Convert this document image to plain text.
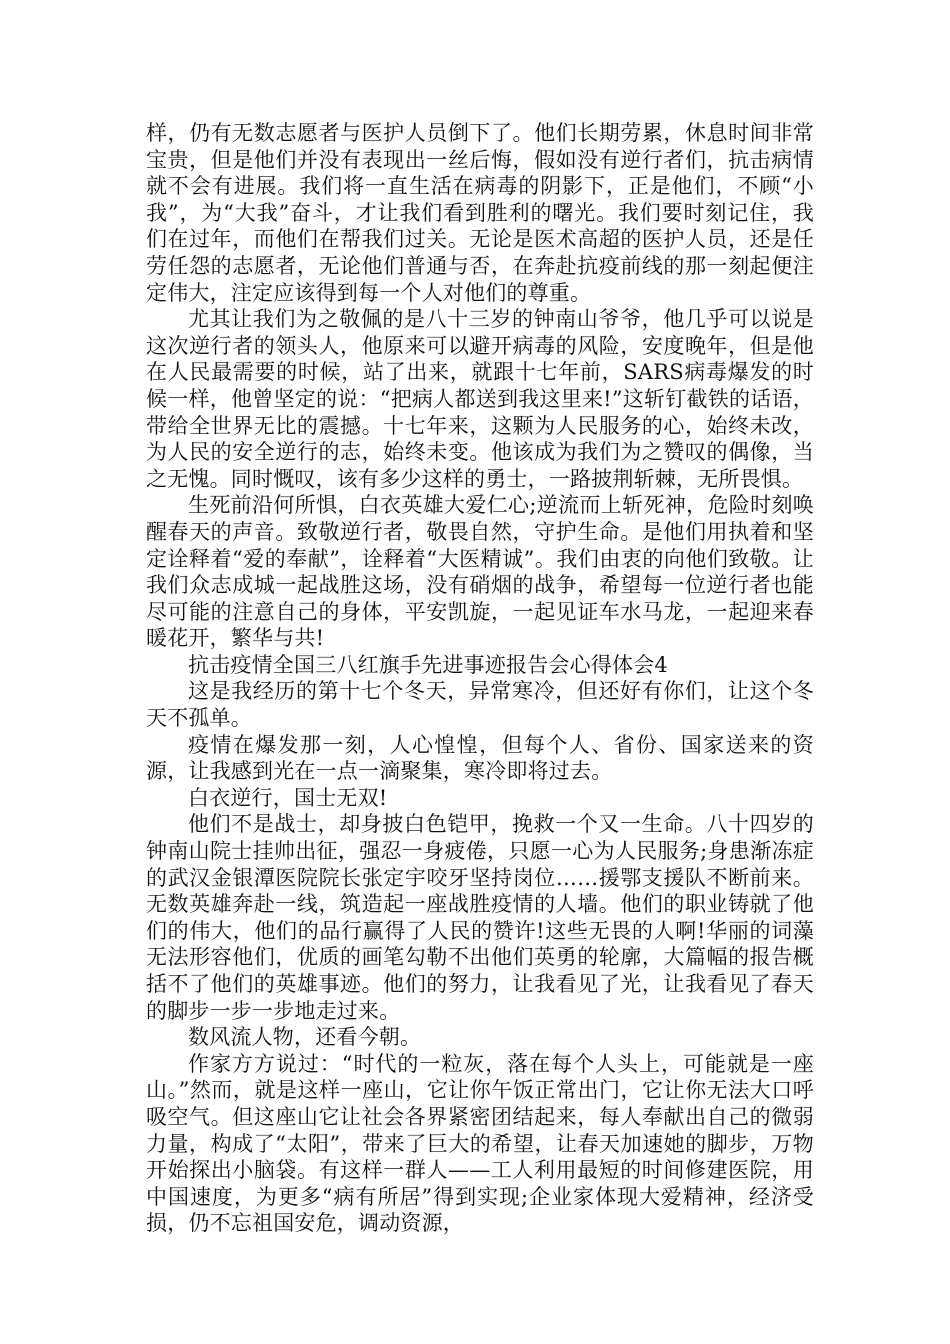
样，仍有无数志愿者与医护人员倒下了。他们长期劳累，休息时间非常宝贵，但是他们并没有表现出一丝后悔，假如没有逆行者们，抗击病情就不会有进展。我们将一直生活在病毒的阴影下，正是他们，不顾“小我”，为“大我”奋斗，才让我们看到胜利的曙光。我们要时刻记住，我们在过年，而他们在帮我们过关。无论是医术高超的医护人员，还是任劳任怨的志愿者，无论他们普通与否，在奔赴抗疫前线的那一刻起便注定伟大，注定应该得到每一个人对他们的尊重。

尤其让我们为之敬佩的是八十三岁的钟南山爷爷，他几乎可以说是这次逆行者的领头人，他原来可以避开病毒的风险，安度晚年，但是他在人民最需要的时候，站了出来，就跟十七年前，SARS病毒爆发的时候一样，他曾坚定的说：“把病人都送到我这里来!”这斩钉截铁的话语，带给全世界无比的震撼。十七年来，这颗为人民服务的心，始终未改，为人民的安全逆行的志，始终未变。他该成为我们为之赞叹的偶像，当之无愧。同时慨叹，该有多少这样的勇士，一路披荆斩棘，无所畏惧。

生死前沿何所惧，白衣英雄大爱仁心;逆流而上斩死神，危险时刻唤醒春天的声音。致敬逆行者，敬畏自然，守护生命。是他们用执着和坚定诠释着“爱的奉献”，诠释着“大医精诚”。我们由衷的向他们致敬。让我们众志成城一起战胜这场，没有硝烟的战争，希望每一位逆行者也能尽可能的注意自己的身体，平安凯旋，一起见证车水马龙，一起迎来春暖花开，繁华与共!

抗击疫情全国三八红旗手先进事迹报告会心得体会4

这是我经历的第十七个冬天，异常寒冷，但还好有你们，让这个冬天不孤单。

疫情在爆发那一刻，人心惶惶，但每个人、省份、国家送来的资源，让我感到光在一点一滴聚集，寒冷即将过去。

白衣逆行，国士无双!

他们不是战士，却身披白色铠甲，挽救一个又一生命。八十四岁的钟南山院士挂帅出征，强忍一身疲倦，只愿一心为人民服务;身患渐冻症的武汉金银潭医院院长张定宇咬牙坚持岗位……援鄂支援队不断前来。无数英雄奔赴一线，筑造起一座战胜疫情的人墙。他们的职业铸就了他们的伟大，他们的品行赢得了人民的赞许!这些无畏的人啊!华丽的词藻无法形容他们，优质的画笔勾勒不出他们英勇的轮廓，大篇幅的报告概括不了他们的英雄事迹。他们的努力，让我看见了光，让我看见了春天的脚步一步一步地走过来。

数风流人物，还看今朝。

作家方方说过：“时代的一粒灰，落在每个人头上，可能就是一座山。”然而，就是这样一座山，它让你午饭正常出门，它让你无法大口呼吸空气。但这座山它让社会各界紧密团结起来，每人奉献出自己的微弱力量，构成了“太阳”，带来了巨大的希望，让春天加速她的脚步，万物开始探出小脑袋。有这样一群人——工人利用最短的时间修建医院，用中国速度，为更多“病有所居”得到实现;企业家体现大爱精神，经济受损，仍不忘祖国安危，调动资源，
